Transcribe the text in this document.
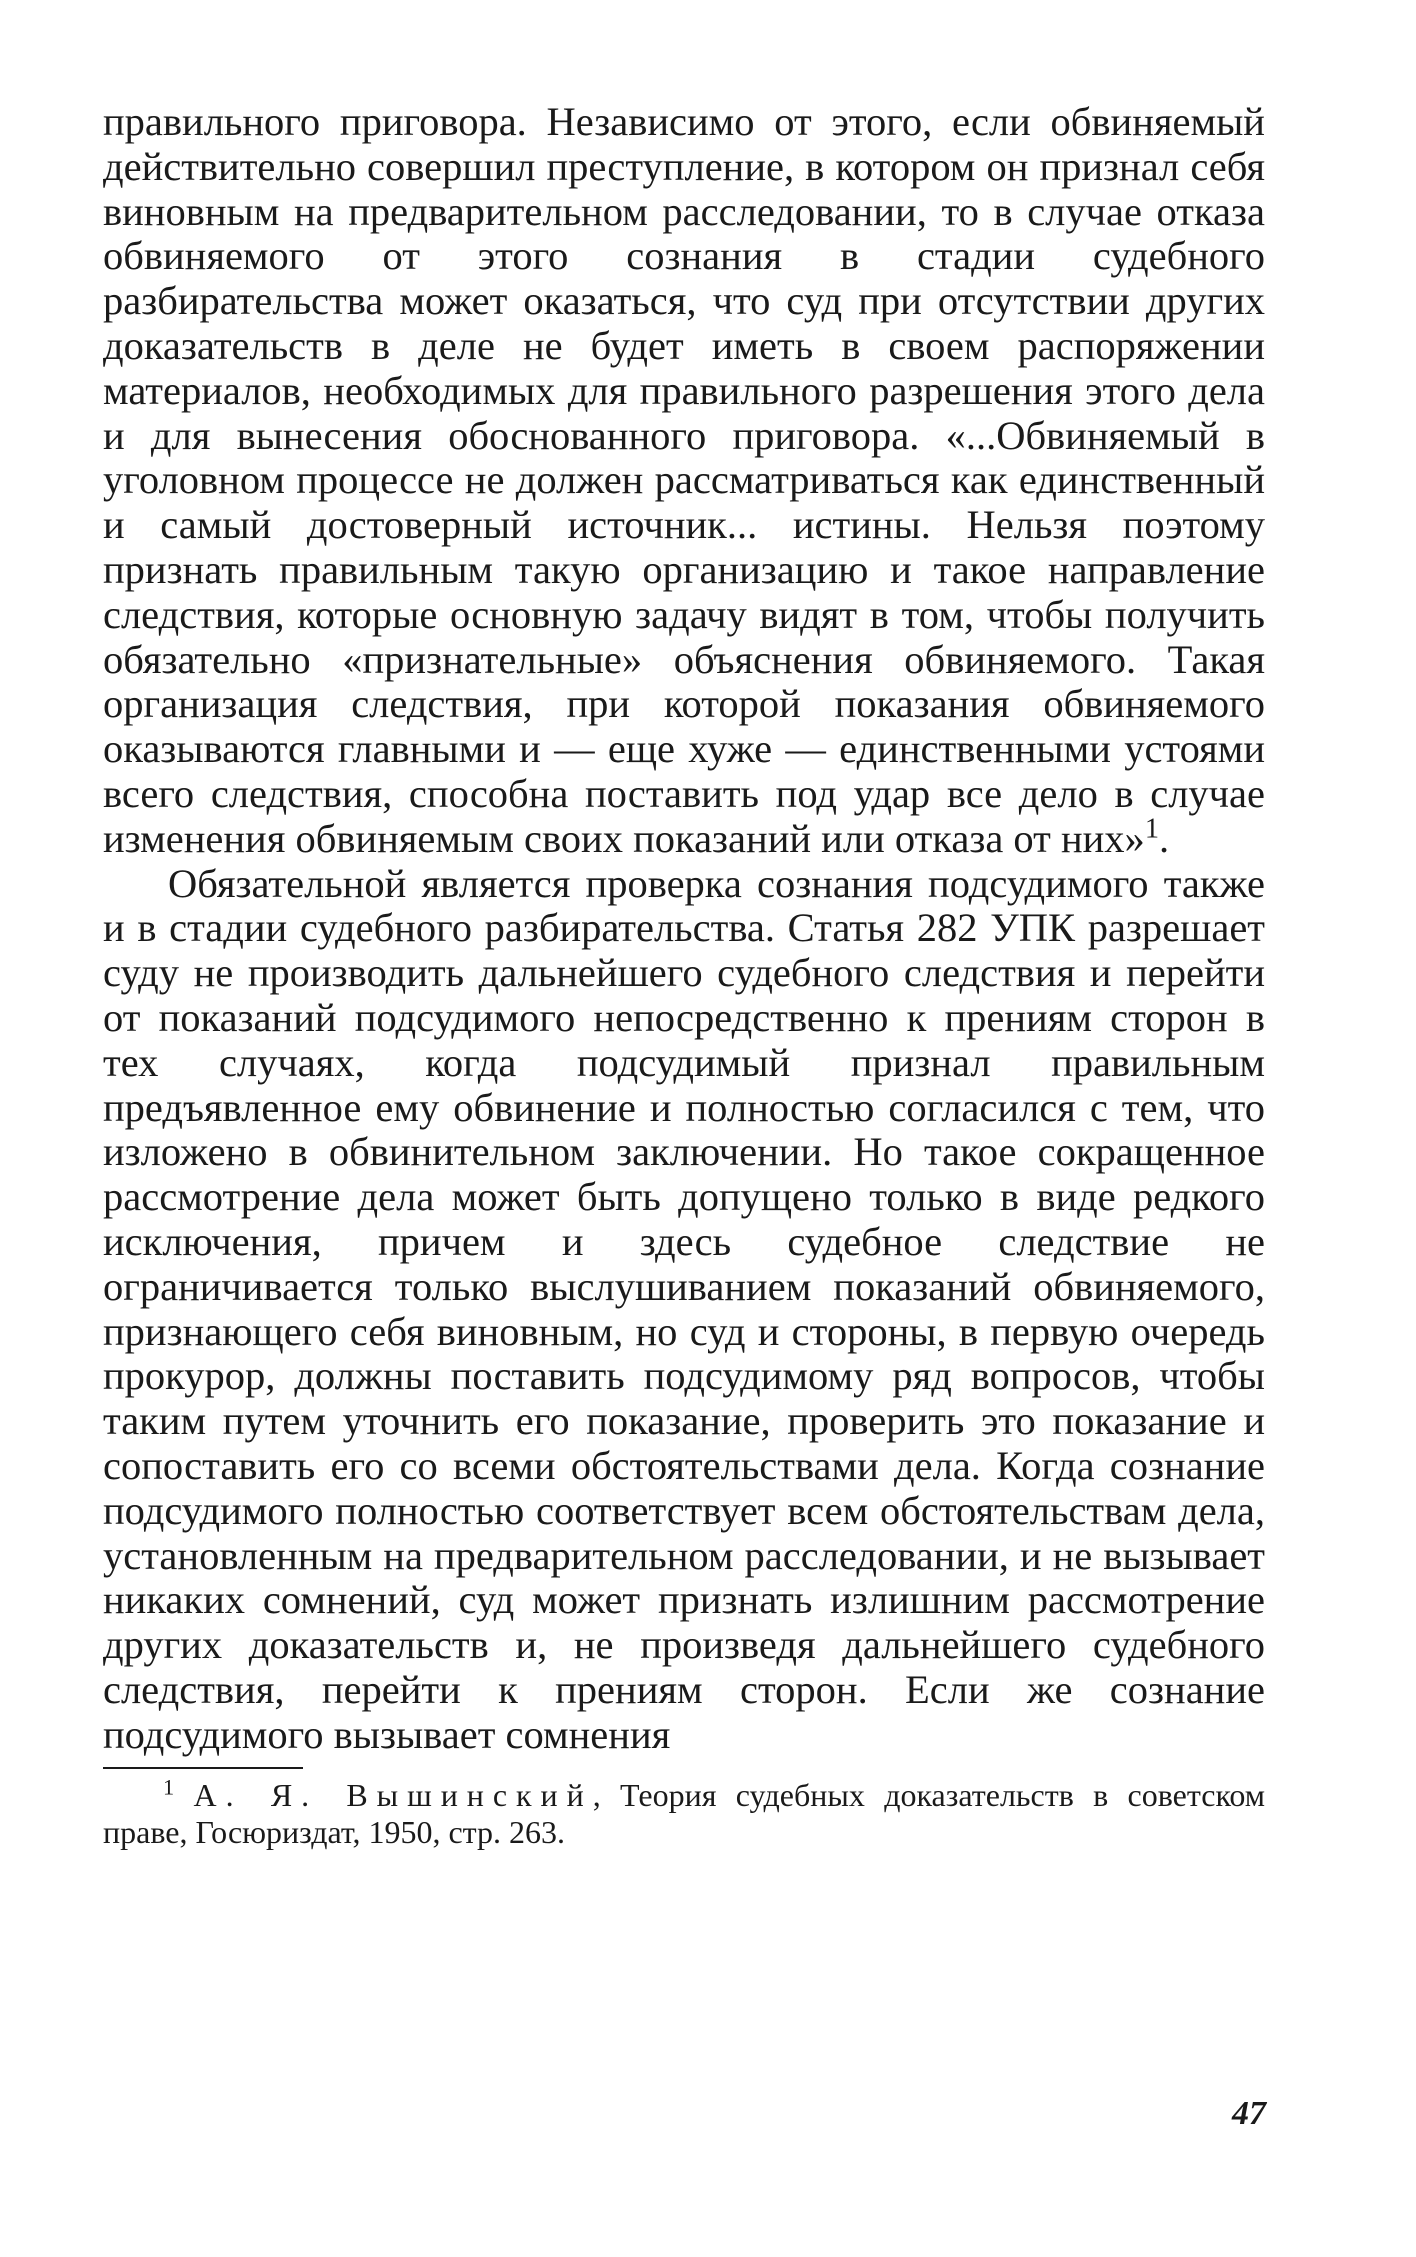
правильного приговора. Независимо от этого, если обвиняемый действительно совершил преступление, в котором он признал себя виновным на предварительном расследовании, то в случае отказа обвиняемого от этого сознания в стадии судебного разбирательства может оказаться, что суд при отсутствии других доказательств в деле не будет иметь в своем распоряжении материалов, необходимых для правильного разрешения этого дела и для вынесения обоснованного приговора. «...Обвиняемый в уголовном процессе не должен рассматриваться как единственный и самый достоверный источник... истины. Нельзя поэтому признать правильным такую организацию и такое направление следствия, которые основную задачу видят в том, чтобы получить обязательно «признательные» объяснения обвиняемого. Такая организация следствия, при которой показания обвиняемого оказываются главными и — еще хуже — единственными устоями всего следствия, способна поставить под удар все дело в случае изменения обвиняемым своих показаний или отказа от них»$^1$.

Обязательной является проверка сознания подсудимого также и в стадии судебного разбирательства. Статья 282 УПК разрешает суду не производить дальнейшего судебного следствия и перейти от показаний подсудимого непосредственно к прениям сторон в тех случаях, когда подсудимый признал правильным предъявленное ему обвинение и полностью согласился с тем, что изложено в обвинительном заключении. Но такое сокращенное рассмотрение дела может быть допущено только в виде редкого исключения, причем и здесь судебное следствие не ограничивается только выслушиванием показаний обвиняемого, признающего себя виновным, но суд и стороны, в первую очередь прокурор, должны поставить подсудимому ряд вопросов, чтобы таким путем уточнить его показание, проверить это показание и сопоставить его со всеми обстоятельствами дела. Когда сознание подсудимого полностью соответствует всем обстоятельствам дела, установленным на предварительном расследовании, и не вызывает никаких сомнений, суд может признать излишним рассмотрение других доказательств и, не произведя дальнейшего судебного следствия, перейти к прениям сторон. Если же сознание подсудимого вызывает сомнения

$^1$ А. Я. Вышинский, Теория судебных доказательств в советском праве, Госюриздат, 1950, стр. 263.

47
